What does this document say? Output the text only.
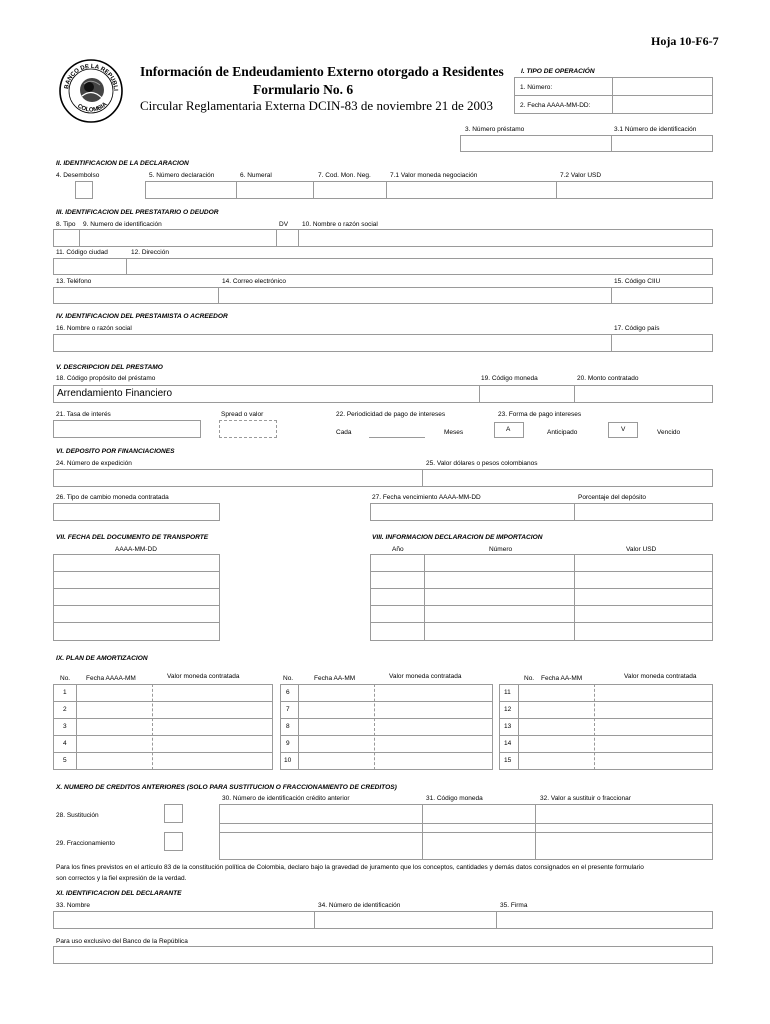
Hoja 10-F6-7
BANCO DE LA REPUBLI
COLOMBIA
Información de Endeudamiento Externo otorgado a Residentes
Formulario No. 6
Circular Reglamentaria Externa DCIN-83 de noviembre 21 de 2003
I. TIPO DE OPERACIÓN
1. Número:
2. Fecha AAAA-MM-DD:
3. Número préstamo	3.1 Número de identificación
II. IDENTIFICACION DE LA DECLARACION
4. Desembolso	5. Número declaración	6. Numeral	7. Cod. Mon. Neg.	7.1 Valor moneda negociación	7.2 Valor USD
III. IDENTIFICACION DEL PRESTATARIO O DEUDOR
8. Tipo 9. Numero de identificación	DV 10. Nombre o razón social
11. Código ciudad	12. Dirección
13. Teléfono	14. Correo electrónico	15. Código CIIU
IV. IDENTIFICACION DEL PRESTAMISTA O ACREEDOR
16. Nombre o razón social	17. Código país
V. DESCRIPCION DEL PRESTAMO
18. Código propósito del préstamo	19. Código moneda	20. Monto contratado
Arrendamiento Financiero
21. Tasa de interés	Spread o valor	22. Periodicidad de pago de intereses	23. Forma de pago intereses
Cada	Meses	A	Anticipado	V	Vencido
VI. DEPOSITO POR FINANCIACIONES
24. Número de expedición	25. Valor dólares o pesos colombianos
26. Tipo de cambio moneda contratada	27. Fecha vencimiento AAAA-MM-DD	Porcentaje del depósito
VII. FECHA DEL DOCUMENTO DE TRANSPORTE
AAAA-MM-DD
VIII. INFORMACION DECLARACION DE IMPORTACION
Año	Número	Valor USD
IX. PLAN DE AMORTIZACION
No. Fecha AAAA-MM	Valor moneda contratada
1
2
3
4
5
No.	Fecha AA-MM	Valor moneda contratada
6
7
8
9
10
No. Fecha AA-MM	Valor moneda contratada
11
12
13
14
15
X. NUMERO DE CREDITOS ANTERIORES (SOLO PARA SUSTITUCION O FRACCIONAMIENTO DE CREDITOS)
30. Número de identificación crédito anterior	31. Código moneda	32. Valor a sustituir o fraccionar
28. Sustitución
29. Fraccionamiento
Para los fines previstos en el artículo 83 de la constitución política de Colombia, declaro bajo la gravedad de juramento que los conceptos, cantidades y demás datos consignados en el presente formulario
son correctos y la fiel expresión de la verdad.
XI. IDENTIFICACION DEL DECLARANTE
33. Nombre	34. Número de identificación	35. Firma
Para uso exclusivo del Banco de la República
